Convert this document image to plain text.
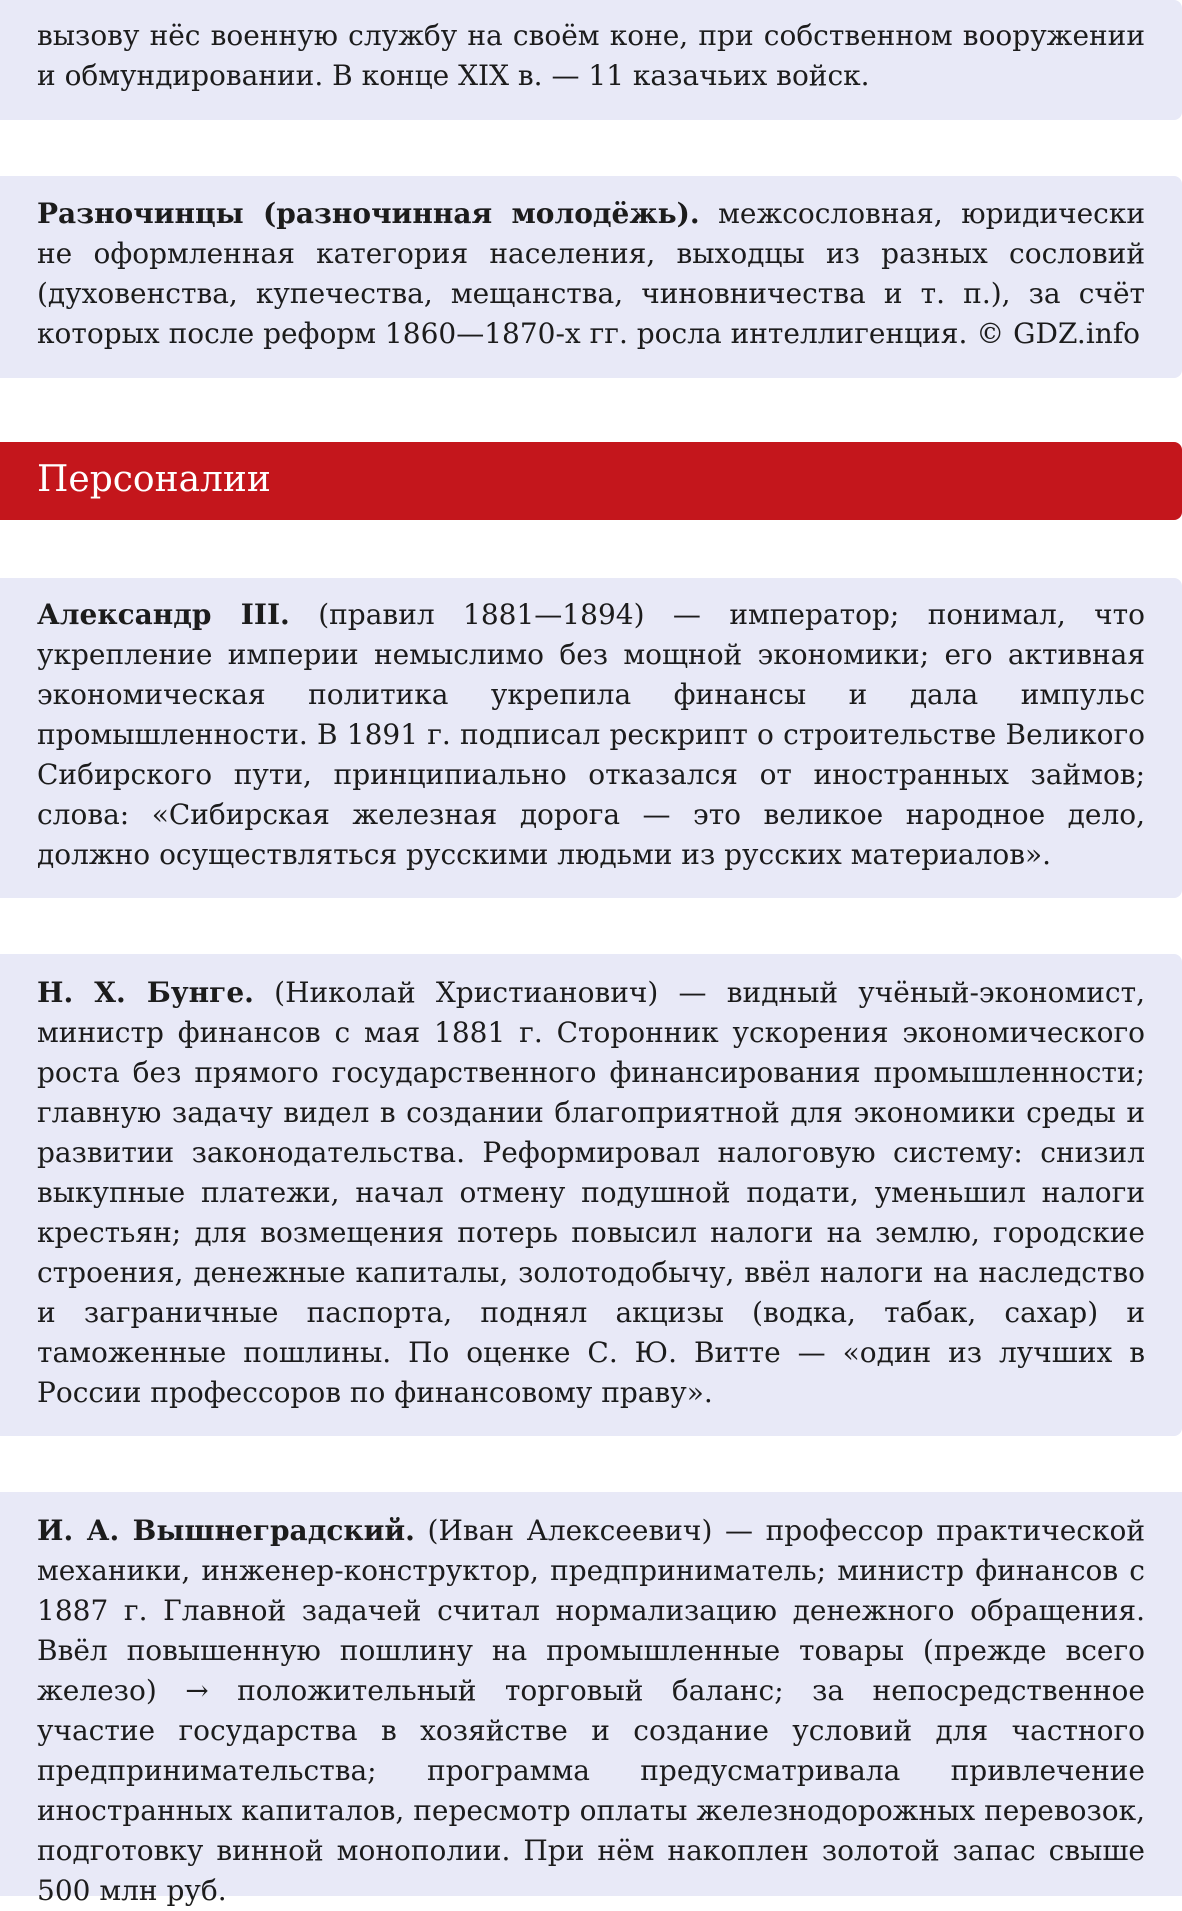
вызову нёс военную службу на своём коне, при собственном вооружении и обмундировании. В конце XIX в. — 11 казачьих войск.

Разночинцы (разночинная молодёжь). межсословная, юридически не оформленная категория населения, выходцы из разных сословий (духовенства, купечества, мещанства, чиновничества и т. п.), за счёт которых после реформ 1860—1870-х гг. росла интеллигенция. © GDZ.info

Персоналии

Александр III. (правил 1881—1894) — император; понимал, что укрепление империи немыслимо без мощной экономики; его активная экономическая политика укрепила финансы и дала импульс промышленности. В 1891 г. подписал рескрипт о строительстве Великого Сибирского пути, принципиально отказался от иностранных займов; слова: «Сибирская железная дорога — это великое народное дело, должно осуществляться русскими людьми из русских материалов».

Н. Х. Бунге. (Николай Христианович) — видный учёный-экономист, министр финансов с мая 1881 г. Сторонник ускорения экономического роста без прямого государственного финансирования промышленности; главную задачу видел в создании благоприятной для экономики среды и развитии законодательства. Реформировал налоговую систему: снизил выкупные платежи, начал отмену подушной подати, уменьшил налоги крестьян; для возмещения потерь повысил налоги на землю, городские строения, денежные капиталы, золотодобычу, ввёл налоги на наследство и заграничные паспорта, поднял акцизы (водка, табак, сахар) и таможенные пошлины. По оценке С. Ю. Витте — «один из лучших в России профессоров по финансовому праву».

И. А. Вышнеградский. (Иван Алексеевич) — профессор практической механики, инженер-конструктор, предприниматель; министр финансов с 1887 г. Главной задачей считал нормализацию денежного обращения. Ввёл повышенную пошлину на промышленные товары (прежде всего железо) → положительный торговый баланс; за непосредственное участие государства в хозяйстве и создание условий для частного предпринимательства; программа предусматривала привлечение иностранных капиталов, пересмотр оплаты железнодорожных перевозок, подготовку винной монополии. При нём накоплен золотой запас свыше 500 млн руб.
